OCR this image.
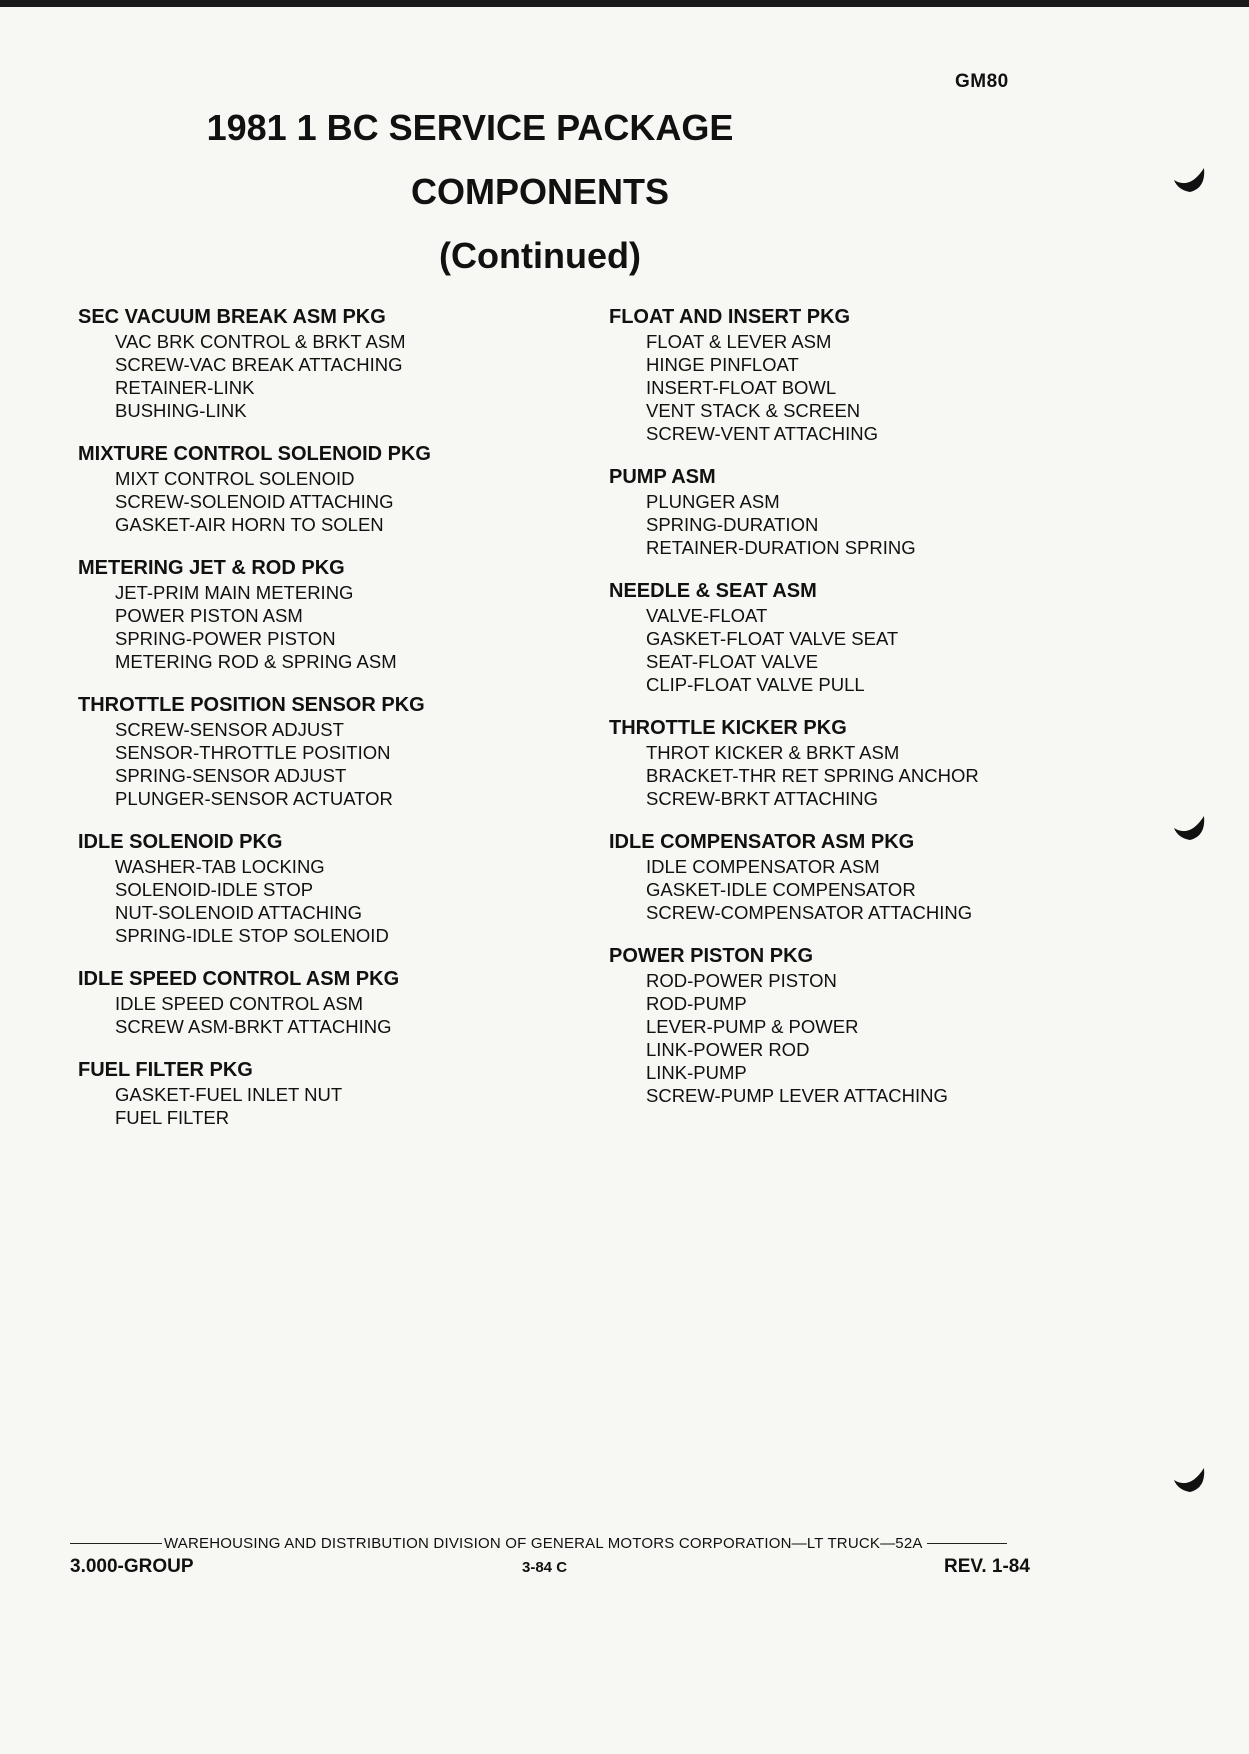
GM80
1981 1 BC SERVICE PACKAGE
COMPONENTS
(Continued)
SEC VACUUM BREAK ASM PKG
VAC BRK CONTROL & BRKT ASM
SCREW-VAC BREAK ATTACHING
RETAINER-LINK
BUSHING-LINK
MIXTURE CONTROL SOLENOID PKG
MIXT CONTROL SOLENOID
SCREW-SOLENOID ATTACHING
GASKET-AIR HORN TO SOLEN
METERING JET & ROD PKG
JET-PRIM MAIN METERING
POWER PISTON ASM
SPRING-POWER PISTON
METERING ROD & SPRING ASM
THROTTLE POSITION SENSOR PKG
SCREW-SENSOR ADJUST
SENSOR-THROTTLE POSITION
SPRING-SENSOR ADJUST
PLUNGER-SENSOR ACTUATOR
IDLE SOLENOID PKG
WASHER-TAB LOCKING
SOLENOID-IDLE STOP
NUT-SOLENOID ATTACHING
SPRING-IDLE STOP SOLENOID
IDLE SPEED CONTROL ASM PKG
IDLE SPEED CONTROL ASM
SCREW ASM-BRKT ATTACHING
FUEL FILTER PKG
GASKET-FUEL INLET NUT
FUEL FILTER
FLOAT AND INSERT PKG
FLOAT & LEVER ASM
HINGE PINFLOAT
INSERT-FLOAT BOWL
VENT STACK & SCREEN
SCREW-VENT ATTACHING
PUMP ASM
PLUNGER ASM
SPRING-DURATION
RETAINER-DURATION SPRING
NEEDLE & SEAT ASM
VALVE-FLOAT
GASKET-FLOAT VALVE SEAT
SEAT-FLOAT VALVE
CLIP-FLOAT VALVE PULL
THROTTLE KICKER PKG
THROT KICKER & BRKT ASM
BRACKET-THR RET SPRING ANCHOR
SCREW-BRKT ATTACHING
IDLE COMPENSATOR ASM PKG
IDLE COMPENSATOR ASM
GASKET-IDLE COMPENSATOR
SCREW-COMPENSATOR ATTACHING
POWER PISTON PKG
ROD-POWER PISTON
ROD-PUMP
LEVER-PUMP & POWER
LINK-POWER ROD
LINK-PUMP
SCREW-PUMP LEVER ATTACHING
WAREHOUSING AND DISTRIBUTION DIVISION OF GENERAL MOTORS CORPORATION—LT TRUCK—52A
3.000-GROUP	3-84 C	REV. 1-84
